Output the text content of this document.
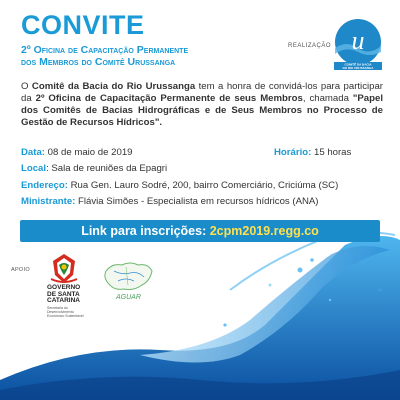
CONVITE
2º Oficina de Capacitação Permanente
dos Membros do Comitê Urussanga
REALIZAÇÃO u
COMITÊ DA BACIA
DO RIO URUSSANGA
O Comitê da Bacia do Rio Urussanga tem a honra de convidá-los para participar da 2º Oficina de Capacitação Permanente de seus Membros, chamada "Papel dos Comitês de Bacias Hidrográficas e de Seus Membros no Processo de Gestão de Recursos Hídricos".
Data: 08 de maio de 2019	Horário: 15 horas
Local: Sala de reuniões da Epagri
Endereço: Rua Gen. Lauro Sodré, 200, bairro Comerciário, Criciúma (SC)
Ministrante: Flávia Simões - Especialista em recursos hídricos (ANA)
Link para inscrições: 2cpm2019.regg.co
APOIO
GOVERNO
DE SANTA
CATARINA
Secretaria do Desenvolvimento Econômico Sustentável
AGUAR
